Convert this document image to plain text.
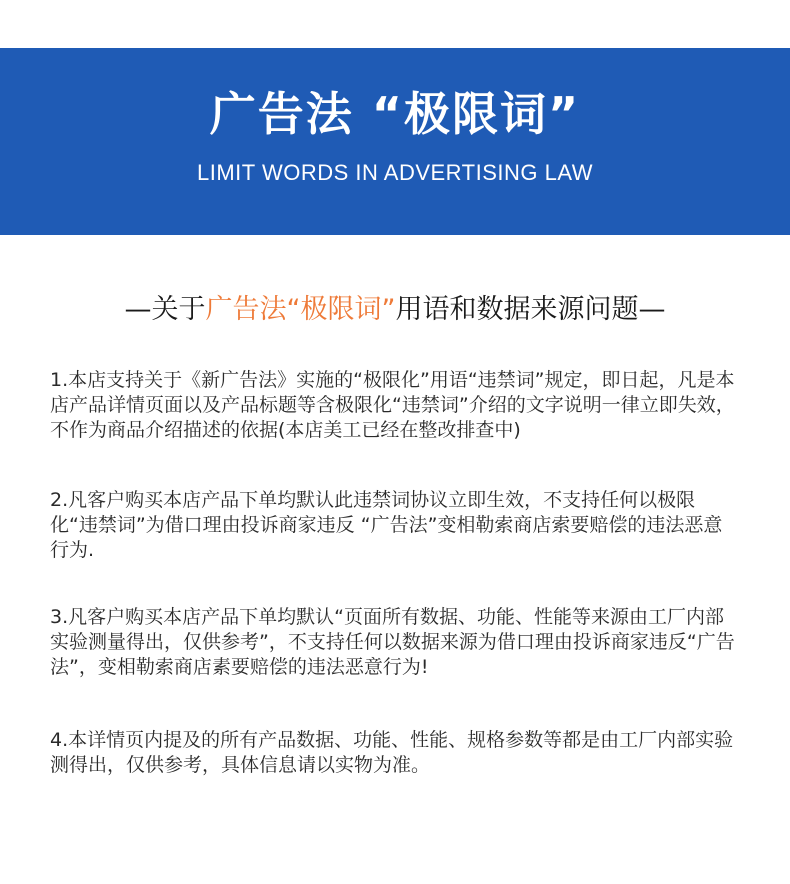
广告法 “极限词”
LIMIT WORDS IN ADVERTISING LAW
—关于广告法“极限词”用语和数据来源问题—
1.本店支持关于《新广告法》实施的“极限化”用语“违禁词”规定，即日起，凡是本店产品详情页面以及产品标题等含极限化“违禁词”介绍的文字说明一律立即失效，不作为商品介绍描述的依据(本店美工已经在整改排查中)
2.凡客户购买本店产品下单均默认此违禁词协议立即生效，不支持任何以极限化“违禁词”为借口理由投诉商家违反 “广告法”变相勒索商店索要赔偿的违法恶意行为.
3.凡客户购买本店产品下单均默认“页面所有数据、功能、性能等来源由工厂内部实验测量得出，仅供参考”，不支持任何以数据来源为借口理由投诉商家违反“广告法”，变相勒索商店素要赔偿的违法恶意行为!
4.本详情页内提及的所有产品数据、功能、性能、规格参数等都是由工厂内部实验测得出，仅供参考，具体信息请以实物为准。
